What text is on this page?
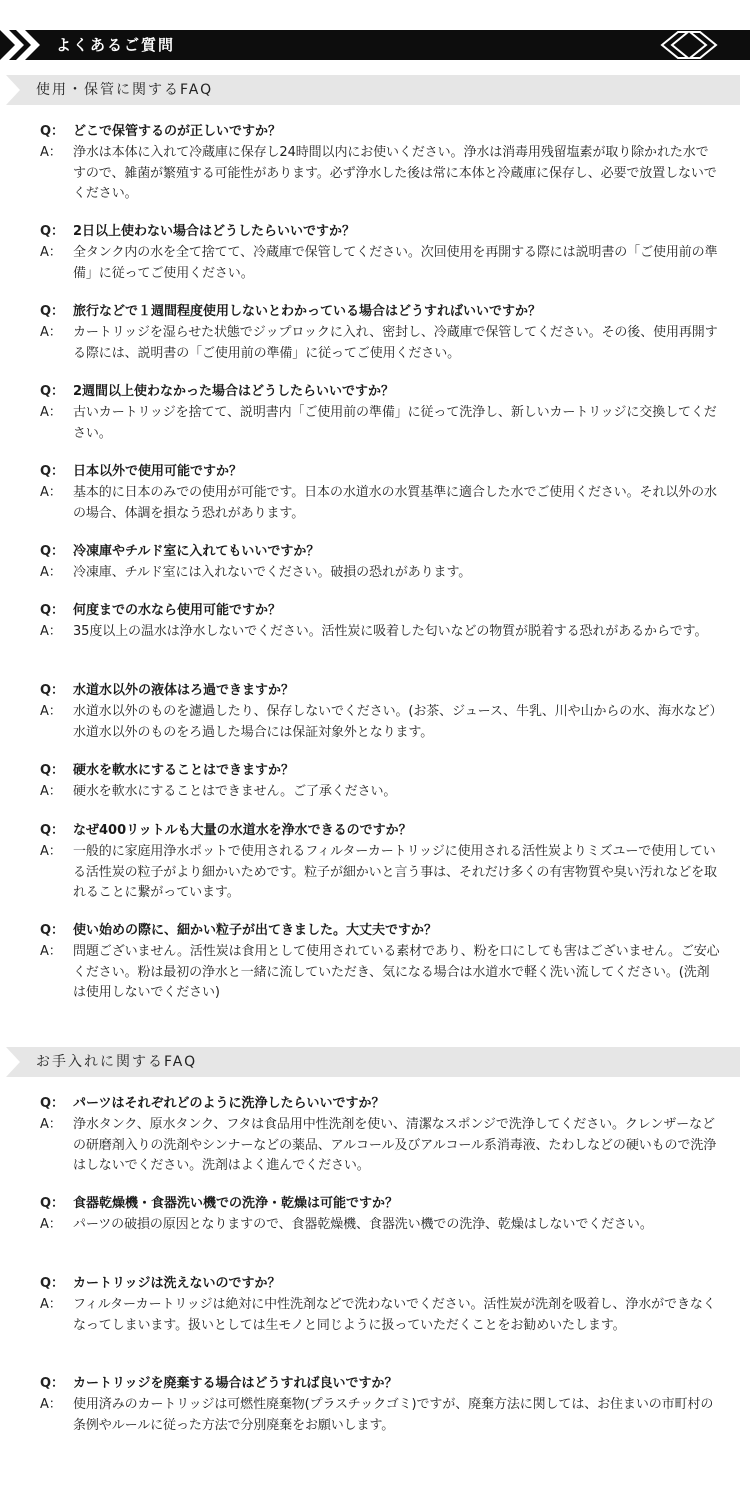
よくあるご質問
使用・保管に関するFAQ
Q： どこで保管するのが正しいですか？
A： 浄水は本体に入れて冷蔵庫に保存し24時間以内にお使いください。浄水は消毒用残留塩素が取り除かれた水ですので、雑菌が繁殖する可能性があります。必ず浄水した後は常に本体と冷蔵庫に保存し、必要で放置しないでください。
Q： 2日以上使わない場合はどうしたらいいですか？
A： 全タンク内の水を全て捨てて、冷蔵庫で保管してください。次回使用を再開する際には説明書の「ご使用前の準備」に従ってご使用ください。
Q： 旅行などで１週間程度使用しないとわかっている場合はどうすればいいですか？
A： カートリッジを湿らせた状態でジップロックに入れ、密封し、冷蔵庫で保管してください。その後、使用再開する際には、説明書の「ご使用前の準備」に従ってご使用ください。
Q： 2週間以上使わなかった場合はどうしたらいいですか？
A： 古いカートリッジを捨てて、説明書内「ご使用前の準備」に従って洗浄し、新しいカートリッジに交換してください。
Q： 日本以外で使用可能ですか？
A： 基本的に日本のみでの使用が可能です。日本の水道水の水質基準に適合した水でご使用ください。それ以外の水の場合、体調を損なう恐れがあります。
Q： 冷凍庫やチルド室に入れてもいいですか？
A： 冷凍庫、チルド室には入れないでください。破損の恐れがあります。
Q： 何度までの水なら使用可能ですか？
A： 35度以上の温水は浄水しないでください。活性炭に吸着した匂いなどの物質が脱着する恐れがあるからです。
Q： 水道水以外の液体はろ過できますか？
A： 水道水以外のものを濾過したり、保存しないでください。(お茶、ジュース、牛乳、川や山からの水、海水など）水道水以外のものをろ過した場合には保証対象外となります。
Q： 硬水を軟水にすることはできますか？
A： 硬水を軟水にすることはできません。ご了承ください。
Q： なぜ400リットルも大量の水道水を浄水できるのですか？
A： 一般的に家庭用浄水ポットで使用されるフィルターカートリッジに使用される活性炭よりミズユーで使用している活性炭の粒子がより細かいためです。粒子が細かいと言う事は、それだけ多くの有害物質や臭い汚れなどを取れることに繋がっています。
Q： 使い始めの際に、細かい粒子が出てきました。大丈夫ですか？
A： 問題ございません。活性炭は食用として使用されている素材であり、粉を口にしても害はございません。ご安心ください。粉は最初の浄水と一緒に流していただき、気になる場合は水道水で軽く洗い流してください。(洗剤は使用しないでください)
お手入れに関するFAQ
Q： パーツはそれぞれどのように洗浄したらいいですか？
A： 浄水タンク、原水タンク、フタは食品用中性洗剤を使い、清潔なスポンジで洗浄してください。クレンザーなどの研磨剤入りの洗剤やシンナーなどの薬品、アルコール及びアルコール系消毒液、たわしなどの硬いもので洗浄はしないでください。洗剤はよく進んでください。
Q： 食器乾燥機・食器洗い機での洗浄・乾燥は可能ですか？
A： パーツの破損の原因となりますので、食器乾燥機、食器洗い機での洗浄、乾燥はしないでください。
Q： カートリッジは洗えないのですか？
A： フィルターカートリッジは絶対に中性洗剤などで洗わないでください。活性炭が洗剤を吸着し、浄水ができなくなってしまいます。扱いとしては生モノと同じように扱っていただくことをお勧めいたします。
Q： カートリッジを廃棄する場合はどうすれば良いですか？
A： 使用済みのカートリッジは可燃性廃棄物(プラスチックゴミ)ですが、廃棄方法に関しては、お住まいの市町村の条例やルールに従った方法で分別廃棄をお願いします。
